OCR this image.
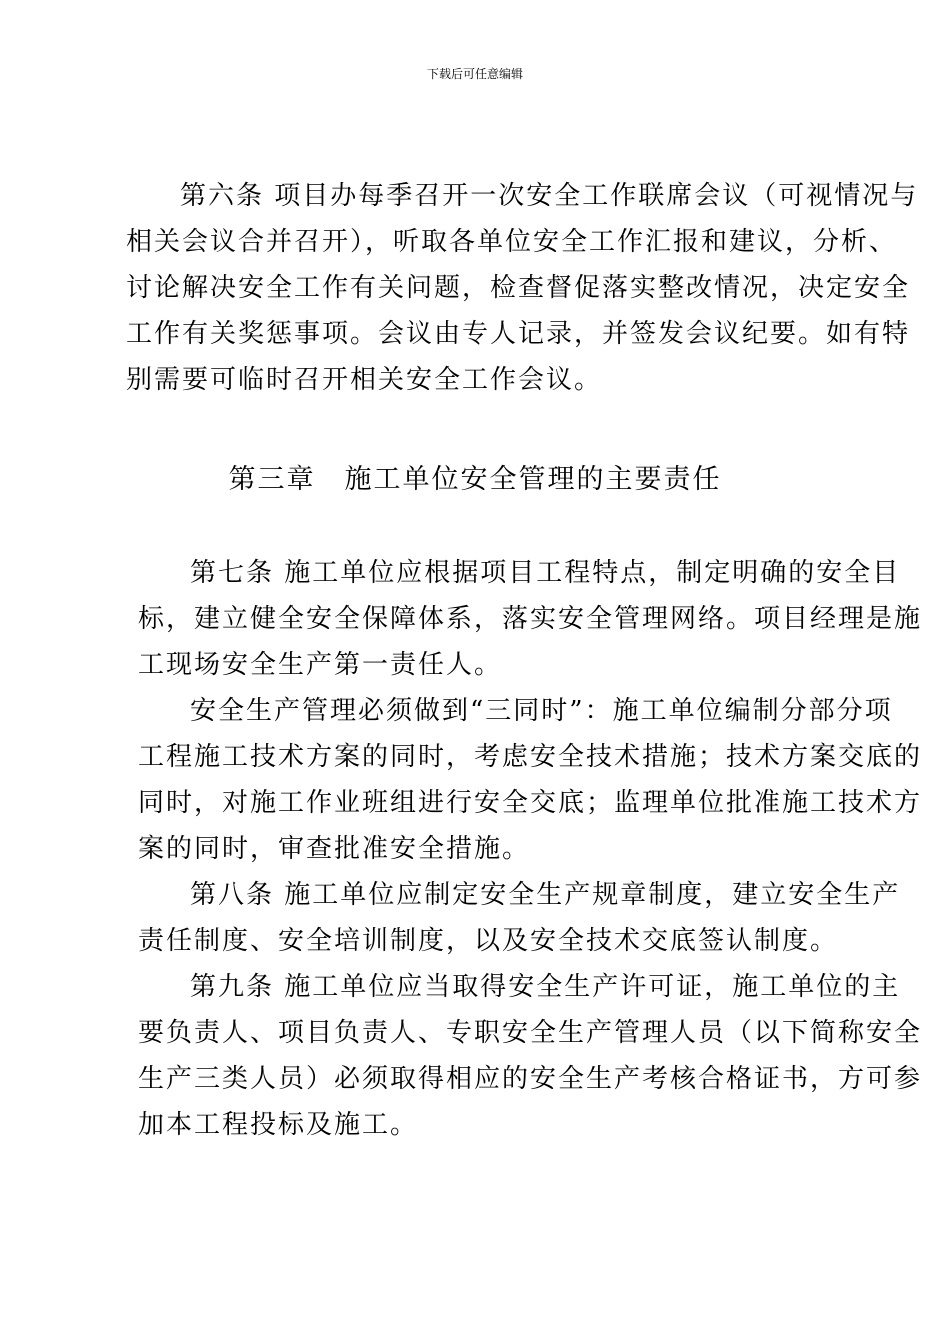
下载后可任意编辑
第六条 项目办每季召开一次安全工作联席会议（可视情况与
相关会议合并召开），听取各单位安全工作汇报和建议，分析、
讨论解决安全工作有关问题，检查督促落实整改情况，决定安全
工作有关奖惩事项。会议由专人记录，并签发会议纪要。如有特
别需要可临时召开相关安全工作会议。
第三章　施工单位安全管理的主要责任
第七条 施工单位应根据项目工程特点，制定明确的安全目
标，建立健全安全保障体系，落实安全管理网络。项目经理是施
工现场安全生产第一责任人。
安全生产管理必须做到“三同时”：施工单位编制分部分项
工程施工技术方案的同时，考虑安全技术措施；技术方案交底的
同时，对施工作业班组进行安全交底；监理单位批准施工技术方
案的同时，审查批准安全措施。
第八条 施工单位应制定安全生产规章制度，建立安全生产
责任制度、安全培训制度，以及安全技术交底签认制度。
第九条 施工单位应当取得安全生产许可证，施工单位的主
要负责人、项目负责人、专职安全生产管理人员（以下简称安全
生产三类人员）必须取得相应的安全生产考核合格证书，方可参
加本工程投标及施工。
